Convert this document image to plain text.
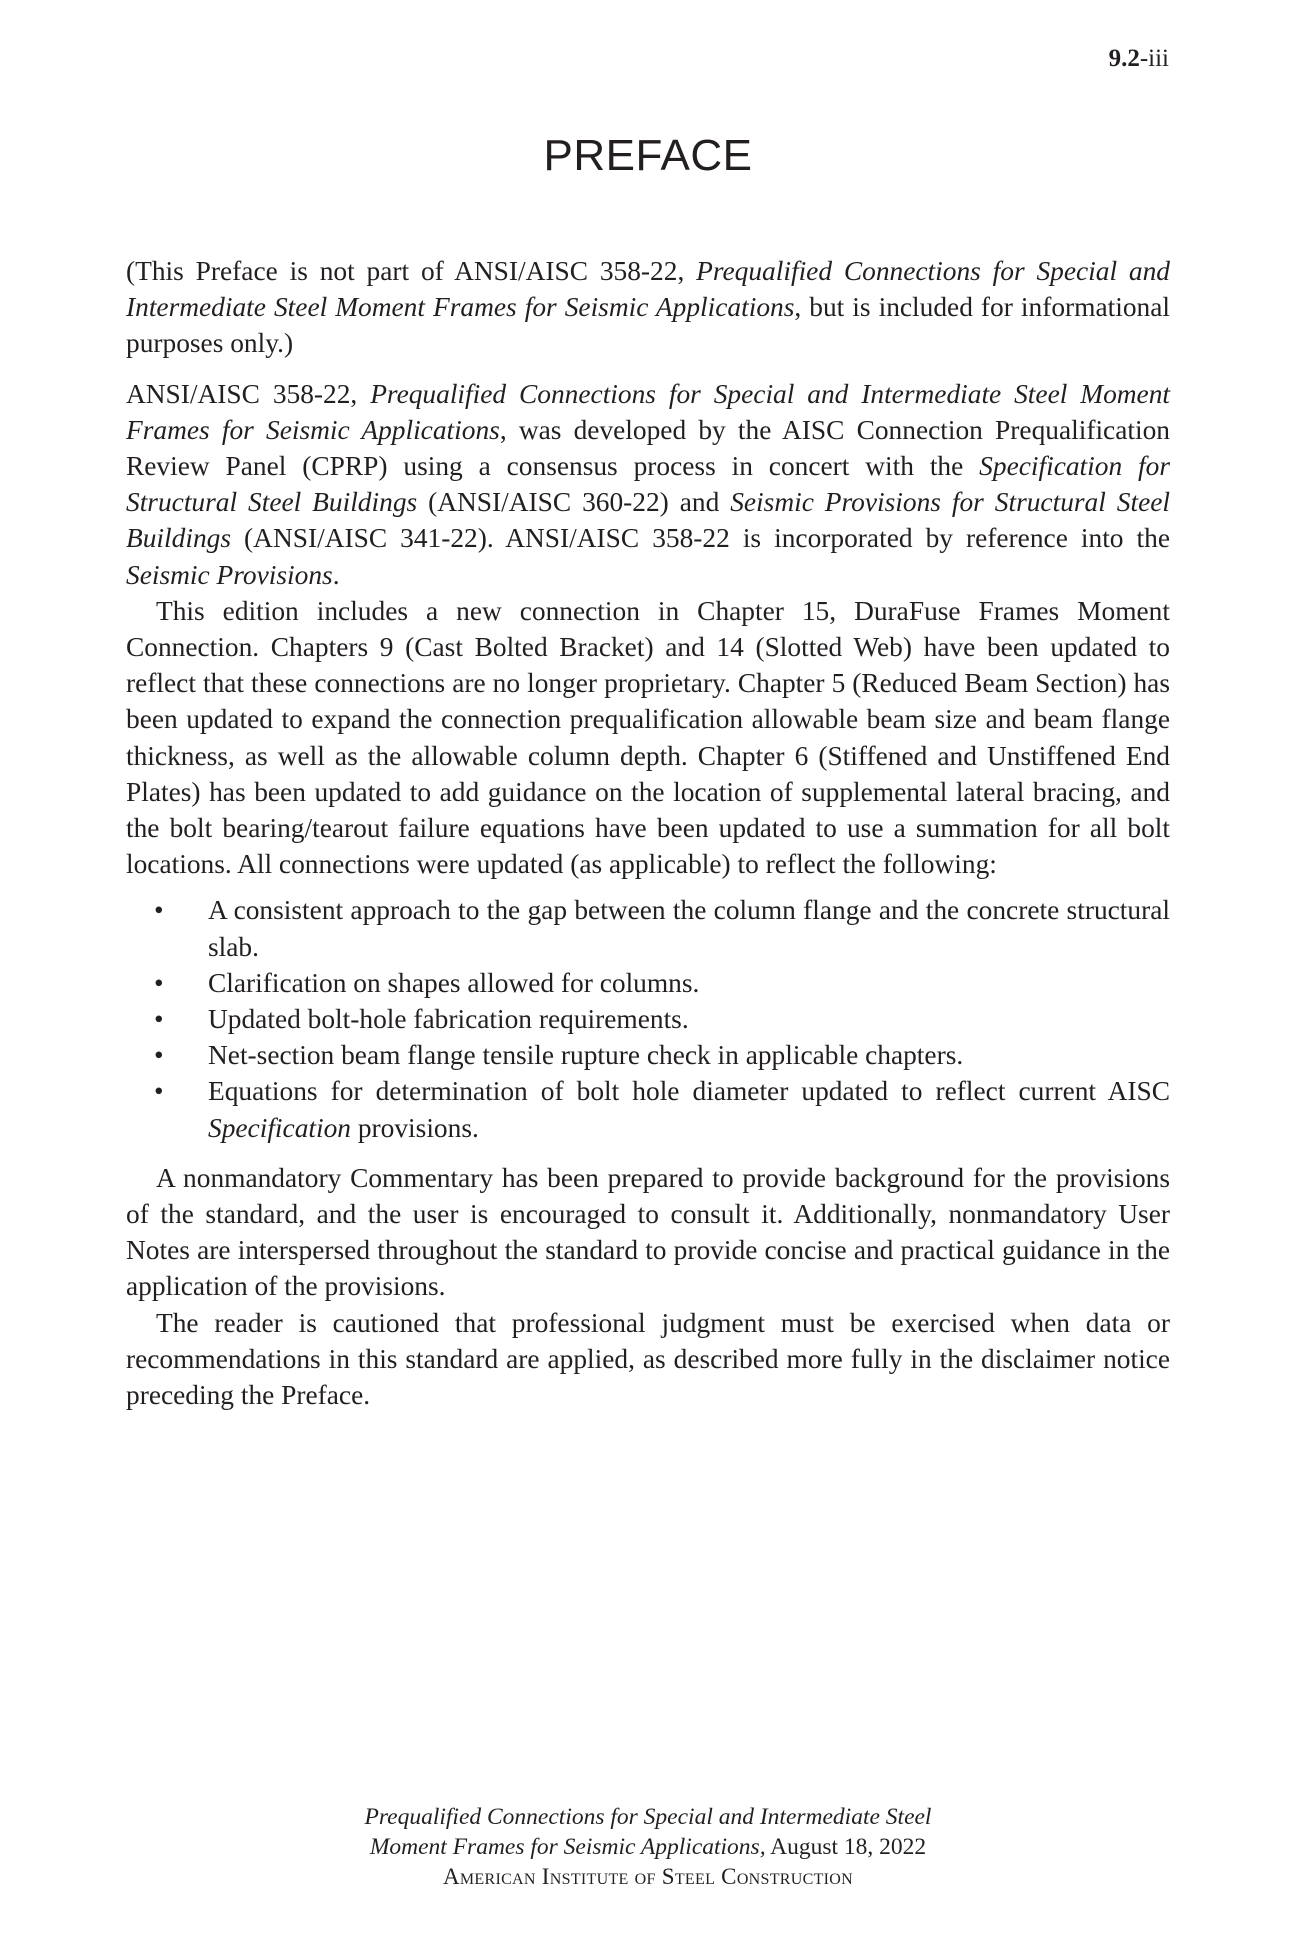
9.2-iii
PREFACE

(This Preface is not part of ANSI/AISC 358-22, Prequalified Connections for Special and Intermediate Steel Moment Frames for Seismic Applications, but is included for informational purposes only.)

ANSI/AISC 358-22, Prequalified Connections for Special and Intermediate Steel Moment Frames for Seismic Applications, was developed by the AISC Connection Prequalification Review Panel (CPRP) using a consensus process in concert with the Specification for Structural Steel Buildings (ANSI/AISC 360-22) and Seismic Provisions for Structural Steel Buildings (ANSI/AISC 341-22). ANSI/AISC 358-22 is incorporated by reference into the Seismic Provisions.

This edition includes a new connection in Chapter 15, DuraFuse Frames Moment Connection. Chapters 9 (Cast Bolted Bracket) and 14 (Slotted Web) have been updated to reflect that these connections are no longer proprietary. Chapter 5 (Reduced Beam Section) has been updated to expand the connection prequalification allowable beam size and beam flange thickness, as well as the allowable column depth. Chapter 6 (Stiffened and Unstiffened End Plates) has been updated to add guidance on the location of supplemental lateral bracing, and the bolt bearing/tearout failure equations have been updated to use a summation for all bolt locations. All connections were updated (as applicable) to reflect the following:

• A consistent approach to the gap between the column flange and the concrete structural slab.
• Clarification on shapes allowed for columns.
• Updated bolt-hole fabrication requirements.
• Net-section beam flange tensile rupture check in applicable chapters.
• Equations for determination of bolt hole diameter updated to reflect current AISC Specification provisions.

A nonmandatory Commentary has been prepared to provide background for the provisions of the standard, and the user is encouraged to consult it. Additionally, nonmandatory User Notes are interspersed throughout the standard to provide concise and practical guidance in the application of the provisions.

The reader is cautioned that professional judgment must be exercised when data or recommendations in this standard are applied, as described more fully in the disclaimer notice preceding the Preface.

Prequalified Connections for Special and Intermediate Steel
Moment Frames for Seismic Applications, August 18, 2022
American Institute of Steel Construction
